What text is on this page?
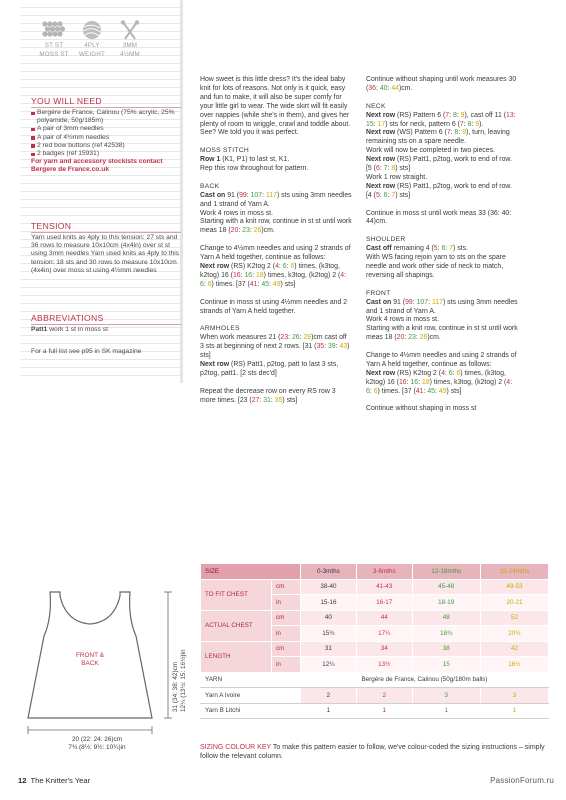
ST ST
MOSS ST
4PLY
WEIGHT
3MM
4½MM
YOU WILL NEED
Bergère de France, Calinou (75% acrylic, 25% polyamide, 50g/185m)
A pair of 3mm needles
A pair of 4½mm needles
2 red bow buttons (ref 42538)
2 badges (ref 15931)
For yarn and accessory stockists contact Bergere de France.co.uk
TENSION
Yarn used knits as 4ply to this tension: 27 sts and 36 rows to measure 10x10cm (4x4in) over st st using 3mm needles Yarn used knits as 4ply to this tension: 18 sts and 30 rows to measure 10x10cm (4x4in) over moss st using 4½mm needles
ABBREVIATIONS
Patt1 work 1 st in moss st
For a full list see p95 in SK magazine

How sweet is this little dress? It's the ideal baby knit for lots of reasons. Not only is it quick, easy and fun to make, it will also be super comfy for your little girl to wear. The wide skirt will fit easily over nappies (while she's in them), and gives her plenty of room to wriggle, crawl and toddle about. See? We told you it was perfect.

MOSS STITCH

Row 1 (K1, P1) to last st, K1.

Rep this row throughout for pattern.

BACK

Cast on 91 (99: 107: 117) sts using 3mm needles and 1 strand of Yarn A.
Work 4 rows in moss st.
Starting with a knit row, continue in st st until work meas 18 (20: 23: 26)cm.

Change to 4½mm needles and using 2 strands of Yarn A held together, continue as follows:
Next row (RS) K2tog 2 (4: 6: 6) times, (k3tog, k2tog) 16 (16: 16: 18) times, k3tog, (k2tog) 2 (4: 6: 6) times. [37 (41: 45: 49) sts]

Continue in moss st using 4½mm needles and 2 strands of Yarn A held together.

ARMHOLES

When work measures 21 (23: 26: 29)cm cast off 3 sts at beginning of next 2 rows. [31 (35: 39: 43) sts]
Next row (RS) Patt1, p2tog, patt to last 3 sts, p2tog, patt1. [2 sts dec'd]

Repeat the decrease row on every RS row 3 more times. [23 (27: 31: 35) sts]

Continue without shaping until work measures 30 (36: 40: 44)cm.

NECK

Next row (RS) Pattern 6 (7: 8: 9), cast off 11 (13: 15: 17) sts for neck, pattern 6 (7: 8: 9).
Next row (WS) Pattern 6 (7: 8: 9), turn, leaving remaining sts on a spare needle.
Work will now be completed in two pieces.
Next row (RS) Patt1, p2tog, work to end of row. [5 (6: 7: 8) sts]
Work 1 row straight.
Next row (RS) Patt1, p2tog, work to end of row. [4 (5: 6: 7) sts]

Continue in moss st until work meas 33 (36: 40: 44)cm.

SHOULDER

Cast off remaining 4 (5: 6: 7) sts.
With WS facing rejoin yarn to sts on the spare needle and work other side of neck to match, reversing all shapings.

FRONT

Cast on 91 (99: 107: 117) sts using 3mm needles and 1 strand of Yarn A.
Work 4 rows in moss st.
Starting with a knit row, continue in st st until work meas 18 (20: 23: 26)cm.

Change to 4½mm needles and using 2 strands of Yarn A held together, continue as follows:
Next row (RS) K2tog 2 (4: 6: 6) times, (k3tog, k2tog) 16 (16: 16: 18) times, k3tog, (k2tog) 2 (4: 6: 6) times. [37 (41: 45: 49) sts]

Continue without shaping in moss st

FRONT &
BACK	31 (34: 38: 42)cm 12¼ (13½: 15: 16½)in
20 (22: 24: 26)cm
7¾ (8½: 9½: 10¼)in
SIZE		0-3mths	3-6mths	12-18mths	18-24mths
TO FIT CHEST	cm	38-40	41-43	45-48	49-53
	in	15-16	16-17	18-19	20-21
ACTUAL CHEST	cm	40	44	48	52
	in	15¾	17¼	18¾	20½
LENGTH	cm	31	34	38	42
	in	12¼	13½	15	16½
YARN		Bergère de France, Calinou (50g/180m balls)			
Yarn A Ivoire		2	2	3	3
Yarn B Litchi		1	1	1	1
SIZING COLOUR KEY To make this pattern easier to follow, we've colour-coded the sizing instructions – simply follow the relevant column.
12 The Knitter's Year	PassionForum.ru
